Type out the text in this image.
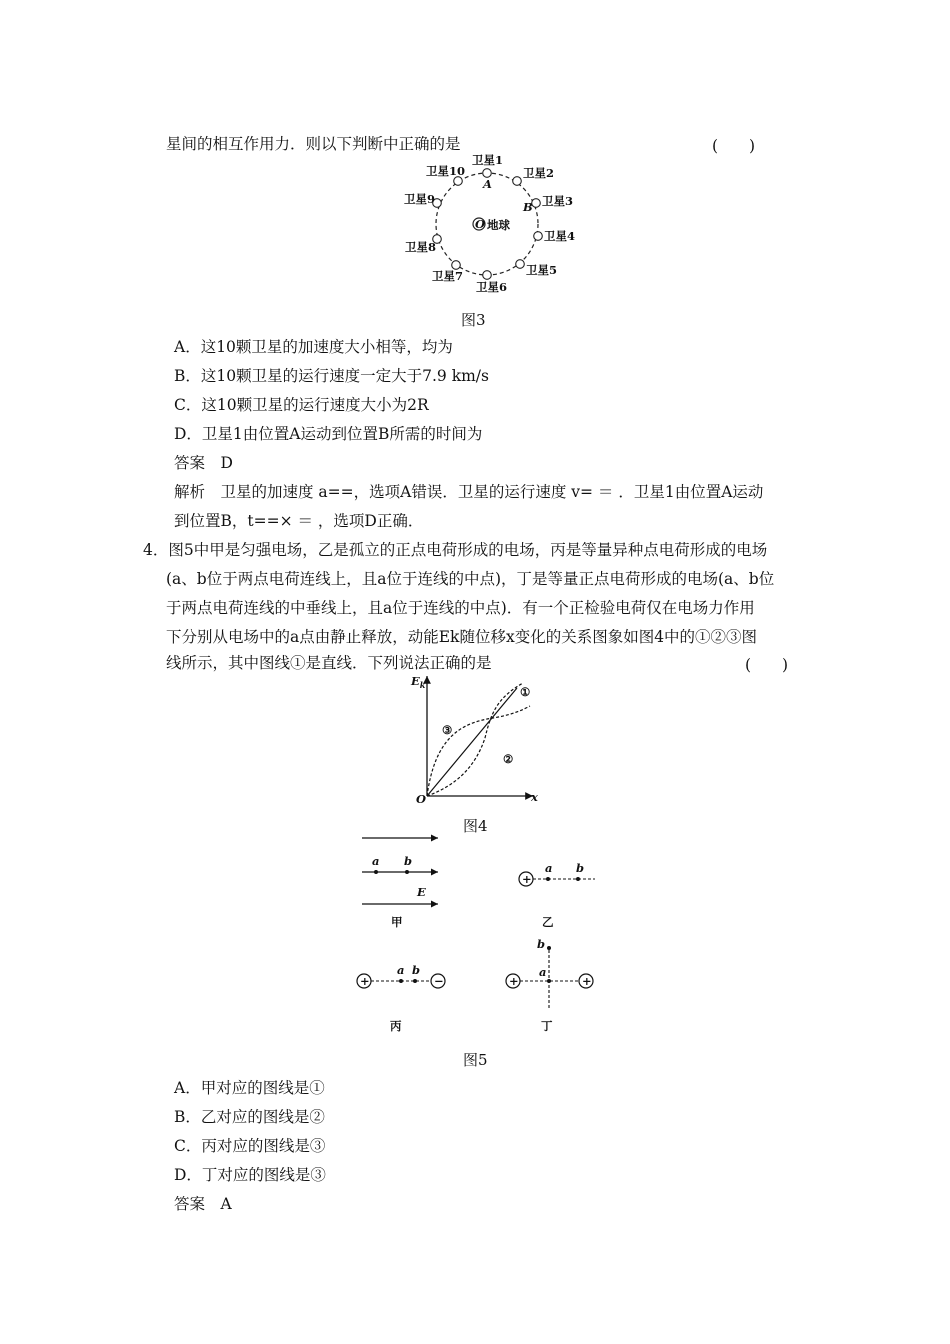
星间的相互作用力．则以下判断中正确的是	(　　)
O 地球
卫星1
卫星2
卫星3
卫星4
卫星5
卫星6
卫星7
卫星8
卫星9
卫星10
A
B
图3
A．这10颗卫星的加速度大小相等，均为
B．这10颗卫星的运行速度一定大于7.9 km/s
C．这10颗卫星的运行速度大小为2R
D．卫星1由位置A运动到位置B所需的时间为
答案　D
解析　卫星的加速度 a==，选项A错误．卫星的运行速度 v= ＝ ．卫星1由位置A运动
到位置B，t==× ＝ ，选项D正确．
4．图5中甲是匀强电场，乙是孤立的正点电荷形成的电场，丙是等量异种点电荷形成的电场
(a、b位于两点电荷连线上，且a位于连线的中点)，丁是等量正点电荷形成的电场(a、b位
于两点电荷连线的中垂线上，且a位于连线的中点)．有一个正检验电荷仅在电场力作用
下分别从电场中的a点由静止释放，动能Ek随位移x变化的关系图象如图4中的①②③图
线所示，其中图线①是直线．下列说法正确的是	(　　)
$E_k$
x
O
①
②
③
图4
a b
E
甲
+
a b
乙
+	−
a b
丙
+	+
a
b
丁
图5
A．甲对应的图线是①
B．乙对应的图线是②
C．丙对应的图线是③
D．丁对应的图线是③
答案　A
